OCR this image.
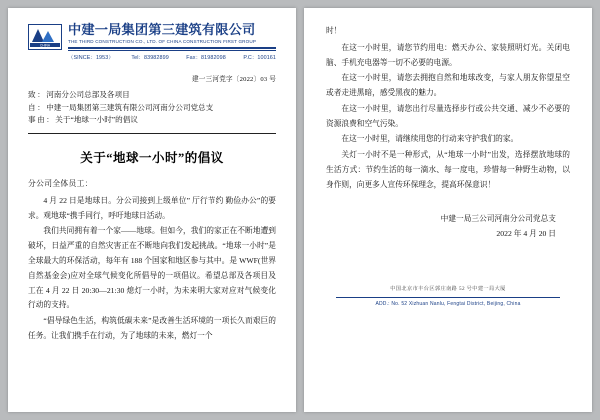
CHINA
中建一局集团第三建筑有限公司
THE THIRD CONSTRUCTION CO., LTD. OF CHINA CONSTRUCTION FIRST GROUP
（SINCE：1953）	Tel：83982899	Fax：81982098	P.C：100161
建一三河党字〔2022〕03 号
致：河南分公司总部及各项目
自：中建一局集团第三建筑有限公司河南分公司党总支
事由：关于“地球一小时”的倡议
关于“地球一小时”的倡议
分公司全体员工：

4 月 22 日是地球日。分公司接到上级单位” 厅行节约 勤俭办公”的要求。观地球“携手同行，呼吁地球日活动。

我们共同拥有着一个家——地球。但如今，我们的家正在不断地遭到破坏，日益严重的自然灾害正在不断地向我们发起挑战。“地球一小时”是全球最大的环保活动，每年有 188 个国家和地区参与其中。是 WWF(世界自然基金会)应对全球气候变化所倡导的一项倡议。希望总部及各项目及工在 4 月 22 日 20:30—21:30 熄灯一小时，为未来明大家对应对气候变化行动的支持。

“倡导绿色生活，构筑低碳未来”是改善生活环境的一项长久而艰巨的任务。让我们携手在行动，为了地球的未来，燃灯一个

时！

在这一小时里，请您节约用电：燃天办公、家装照明灯光。关闭电脑、手机充电器等一切不必要的电源。

在这一小时里，请您去拥抱自然和地球改变，与家人朋友你望星空或者走进黑暗，感受黑夜的魅力。

在这一小时里，请您出行尽量选择步行或公共交通、减少不必要的资源浪费和空气污染。

在这一小时里，请继续用您的行动来守护我们的家。

关灯一小时不是一种形式，从“地球一小时”出发，选择摆放地球的生活方式：节约生活的每一滴水、每一度电，珍惜每一种野生动物，以身作则，向更多人宣传环保理念，提高环保意识！

中建一局三公司河南分公司党总支
2022 年 4 月 20 日
中国北京市丰台区郭庄南路 52 号中建一局大厦
ADD.: No. 52 Xizhuan Nanlu, Fengtai District, Beijing, China
